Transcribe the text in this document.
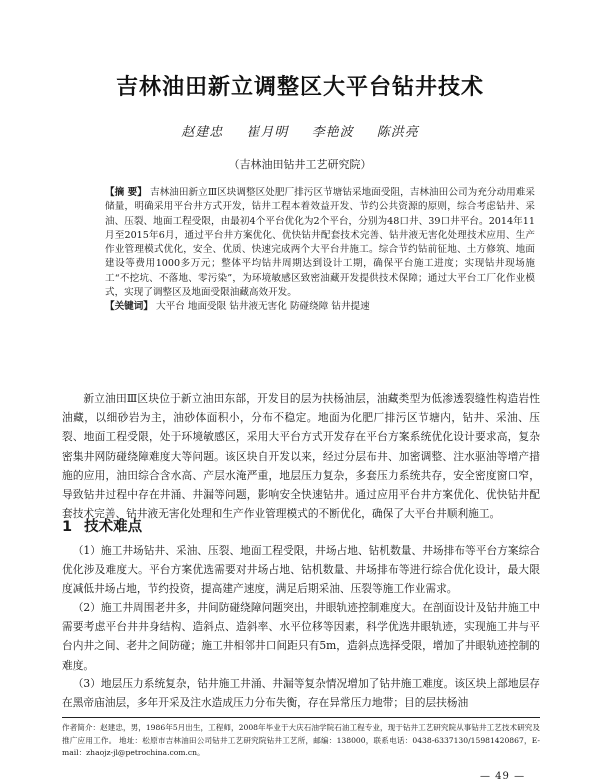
吉林油田新立调整区大平台钻井技术
赵建忠 崔月明 李艳波 陈洪亮
（吉林油田钻井工艺研究院）
【摘 要】 吉林油田新立Ⅲ区块调整区处肥厂排污区节塘钻采地面受阻，吉林油田公司为充分动用难采储量，明确采用平台井方式开发，钻井工程本着效益开发、节约公共资源的原则，综合考虑钻井、采油、压裂、地面工程受限，由最初4个平台优化为2个平台，分别为48口井、39口井平台。2014年11月至2015年6月，通过平台井方案优化、优快钻井配套技术完善、钻井液无害化处理技术应用、生产作业管理模式优化，安全、优质、快速完成两个大平台井施工。综合节约钻前征地、土方修筑、地面建设等费用1000多万元；整体平均钻井周期达到设计工期，确保平台施工进度；实现钻井现场施工“不挖坑、不落地、零污染”，为环境敏感区致密油藏开发提供技术保障；通过大平台工厂化作业模式，实现了调整区及地面受限油藏高效开发。
【关键词】 大平台 地面受限 钻井液无害化 防碰绕障 钻井提速
新立油田Ⅲ区块位于新立油田东部，开发目的层为扶杨油层，油藏类型为低渗透裂缝性构造岩性油藏，以细砂岩为主，油砂体面积小，分布不稳定。地面为化肥厂排污区节塘内，钻井、采油、压裂、地面工程受限，处于环境敏感区，采用大平台方式开发存在平台方案系统优化设计要求高，复杂密集井网防碰绕障难度大等问题。该区块自开发以来，经过分层布井、加密调整、注水驱油等增产措施的应用，油田综合含水高、产层水淹严重，地层压力复杂，多套压力系统共存，安全密度窗口窄，导致钻井过程中存在井涌、井漏等问题，影响安全快速钻井。通过应用平台井方案优化、优快钻井配套技术完善、钻井液无害化处理和生产作业管理模式的不断优化，确保了大平台井顺利施工。
1 技术难点
（1）施工井场钻井、采油、压裂、地面工程受限，井场占地、钻机数量、井场排布等平台方案综合优化涉及难度大。平台方案优选需要对井场占地、钻机数量、井场排布等进行综合优化设计，最大限度减低井场占地，节约投资，提高建产速度，满足后期采油、压裂等施工作业需求。
（2）施工井周围老井多，井间防碰绕障问题突出，井眼轨迹控制难度大。在剖面设计及钻井施工中需要考虑平台井井身结构、造斜点、造斜率、水平位移等因素，科学优选井眼轨迹，实现施工井与平台内井之间、老井之间防碰；施工井相邻井口间距只有5m，造斜点选择受限，增加了井眼轨迹控制的难度。
（3）地层压力系统复杂，钻井施工井涌、井漏等复杂情况增加了钻井施工难度。该区块上部地层存在黑帝庙油层，多年开采及注水造成压力分布失衡，存在异常压力地带；目的层扶杨油
作者简介：赵建忠，男，1986年5月出生，工程师，2008年毕业于大庆石油学院石油工程专业，现于钻井工艺研究院从事钻井工艺技术研究及推广应用工作。 地址：松原市吉林油田公司钻井工艺研究院钻井工艺所，邮编：138000，联系电话：0438-6337130/15981420867，E-mail：zhaojz-jl@petrochina.com.cn。
— 49 —
